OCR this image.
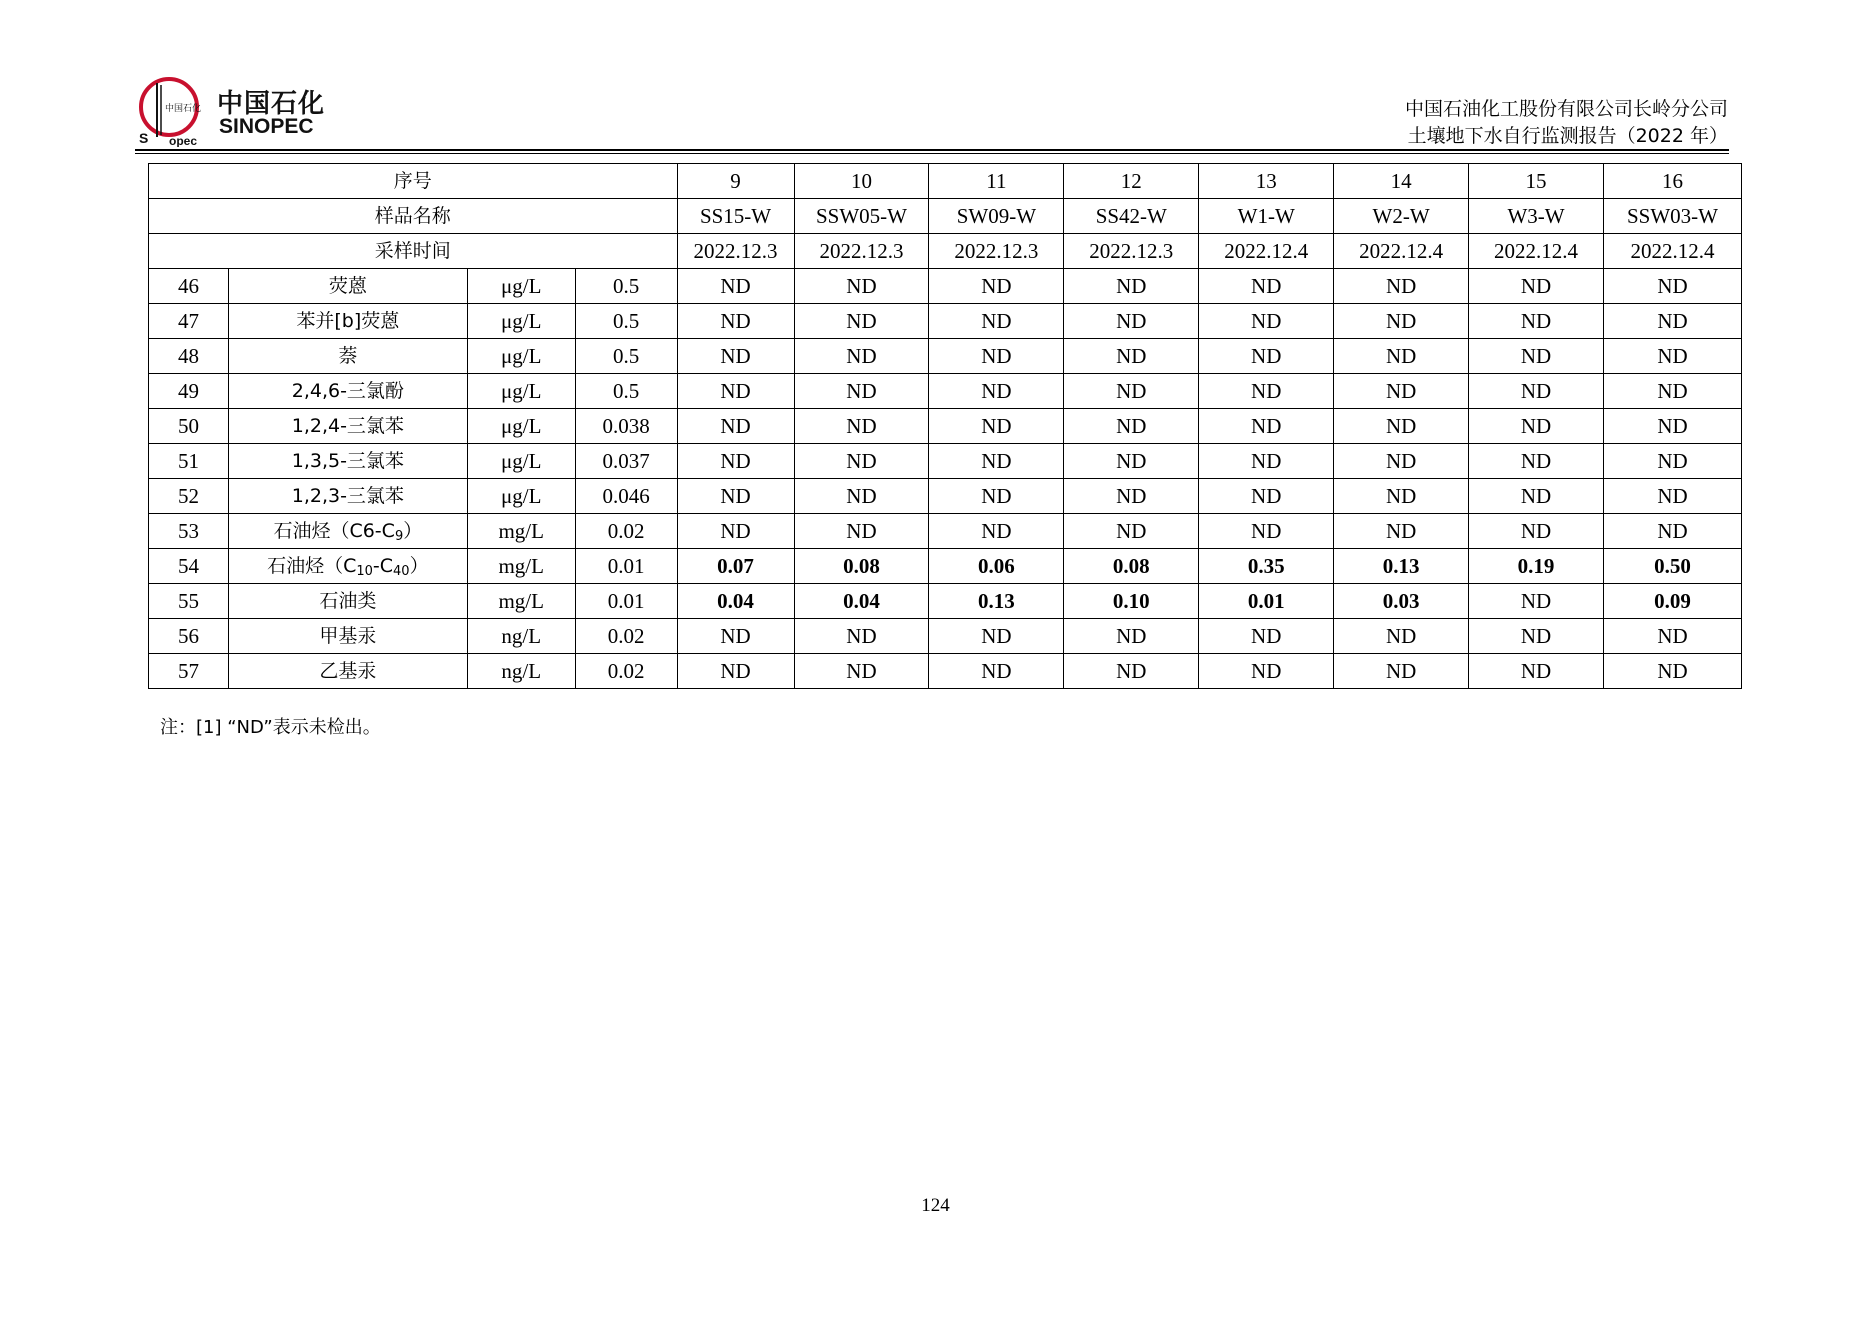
中国石化
S opec
中国石化
SINOPEC
中国石油化工股份有限公司长岭分公司
土壤地下水自行监测报告（2022 年）
序号				9	10	11	12	13	14	15	16
样品名称				SS15-W	SSW05-W	SW09-W	SS42-W	W1-W	W2-W	W3-W	SSW03-W
采样时间				2022.12.3	2022.12.3	2022.12.3	2022.12.3	2022.12.4	2022.12.4	2022.12.4	2022.12.4
46	荧蒽	μg/L	0.5	ND	ND	ND	ND	ND	ND	ND	ND
47	苯并[b]荧蒽	μg/L	0.5	ND	ND	ND	ND	ND	ND	ND	ND
48	萘	μg/L	0.5	ND	ND	ND	ND	ND	ND	ND	ND
49	2,4,6-三氯酚	μg/L	0.5	ND	ND	ND	ND	ND	ND	ND	ND
50	1,2,4-三氯苯	μg/L	0.038	ND	ND	ND	ND	ND	ND	ND	ND
51	1,3,5-三氯苯	μg/L	0.037	ND	ND	ND	ND	ND	ND	ND	ND
52	1,2,3-三氯苯	μg/L	0.046	ND	ND	ND	ND	ND	ND	ND	ND
53	石油烃$(C6-C_9)$	mg/L	0.02	ND	ND	ND	ND	ND	ND	ND	ND
54	石油烃$(C_{10}-C_{40})$	mg/L	0.01	0.07	0.08	0.06	0.08	0.35	0.13	0.19	0.50
55	石油类	mg/L	0.01	0.04	0.04	0.13	0.10	0.01	0.03	ND	0.09
56	甲基汞	ng/L	0.02	ND	ND	ND	ND	ND	ND	ND	ND
57	乙基汞	ng/L	0.02	ND	ND	ND	ND	ND	ND	ND	ND
注：[1] “ND”表示未检出。
124
